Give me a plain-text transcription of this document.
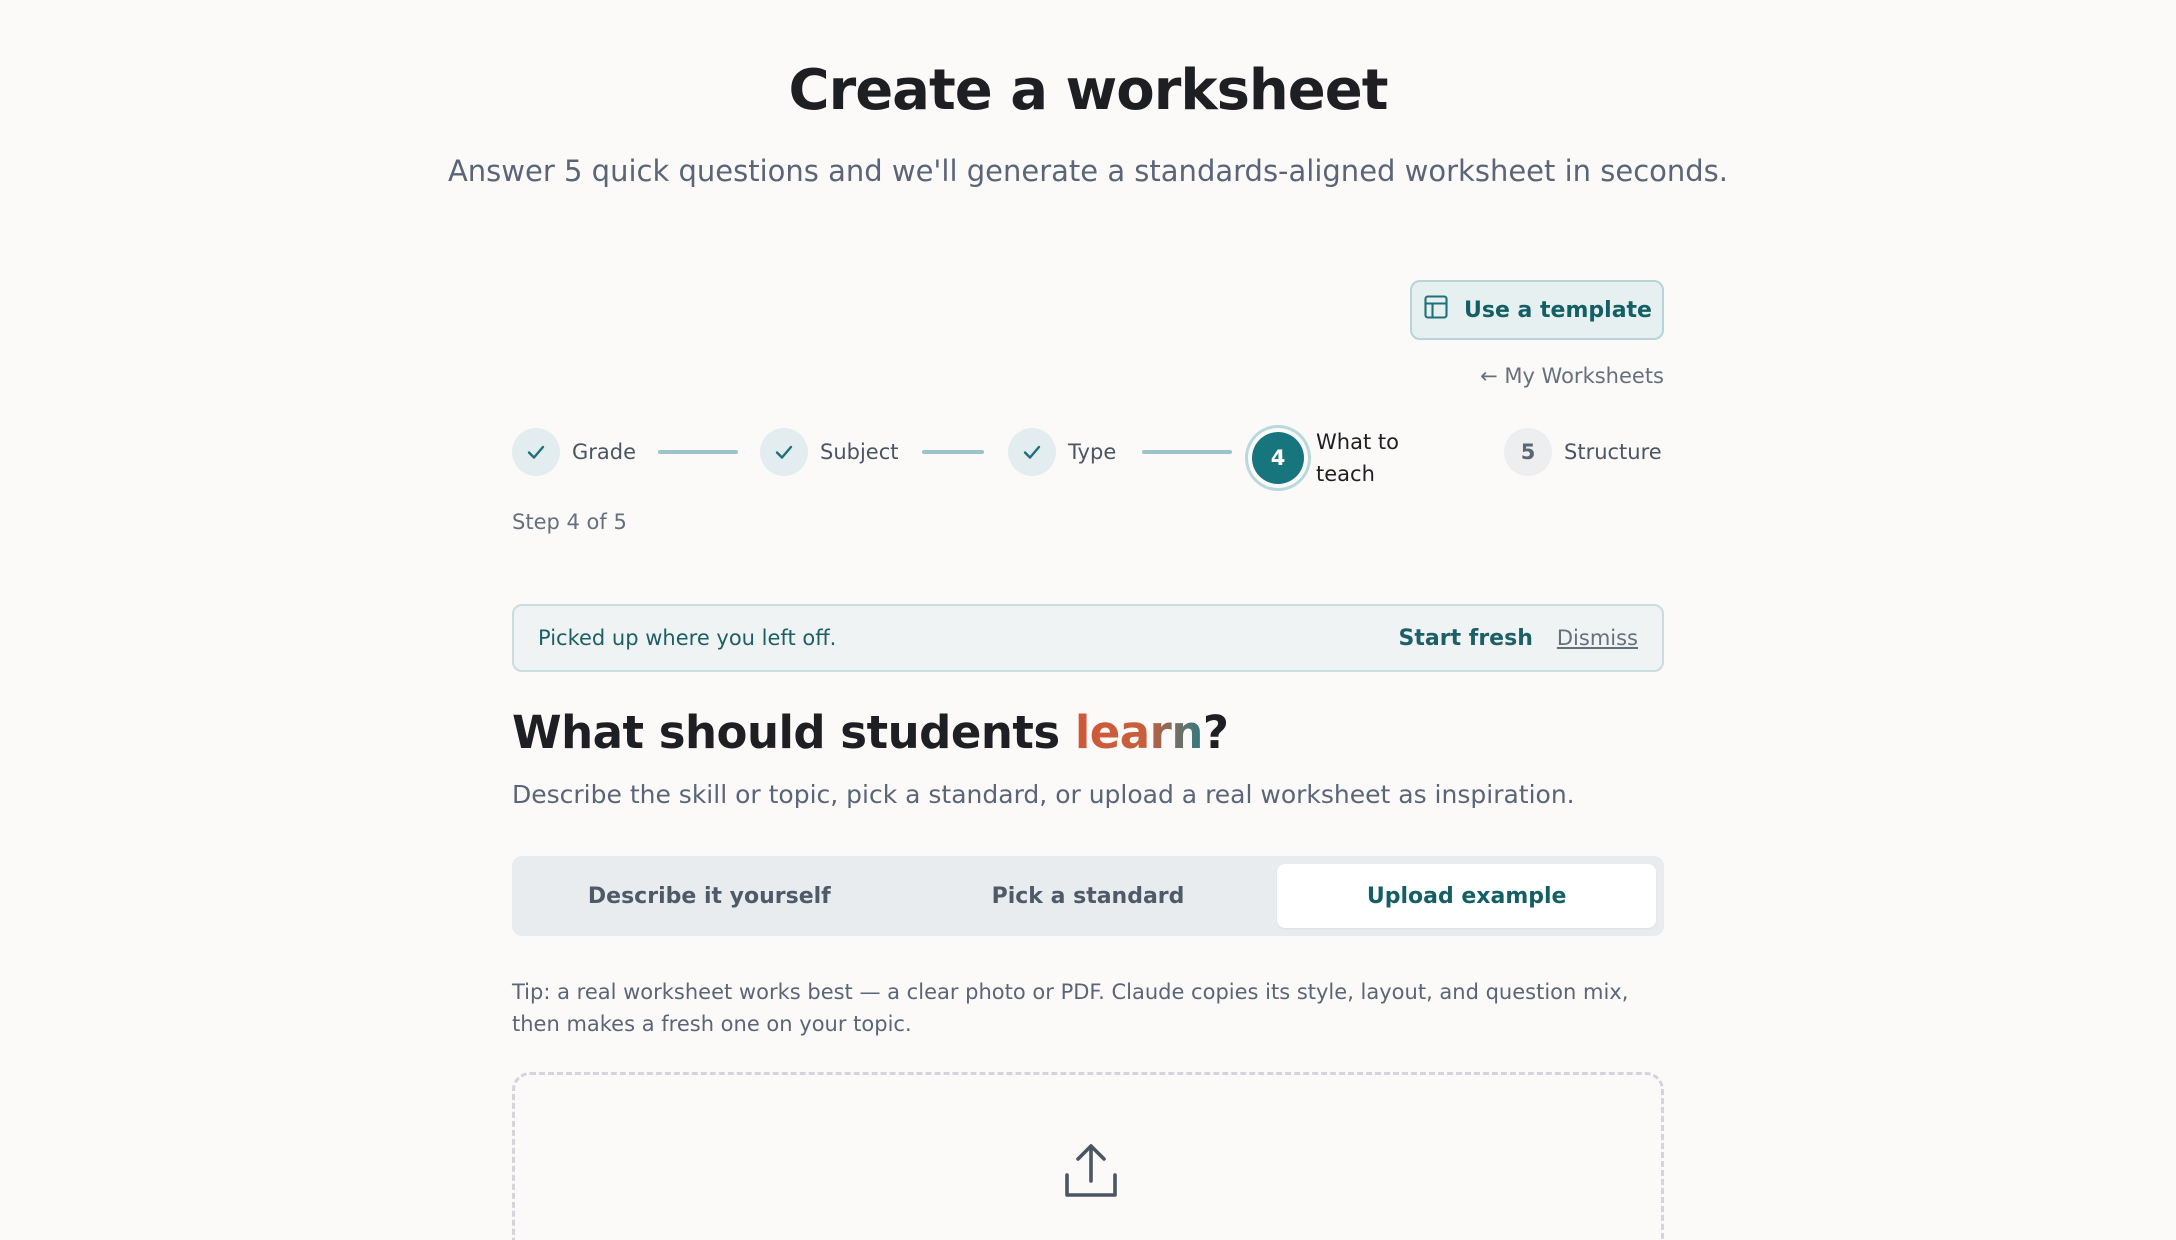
Create a worksheet

Answer 5 quick questions and we'll generate a standards-aligned worksheet in seconds.

Use a template
← My Worksheets
Grade	Subject	Type	4
What to
teach
5	Structure
Step 4 of 5
Picked up where you left off.	Start fresh Dismiss
What should students learn?

Describe the skill or topic, pick a standard, or upload a real worksheet as inspiration.

Describe it yourself	Pick a standard	Upload example

Tip: a real worksheet works best — a clear photo or PDF. Claude copies its style, layout, and question mix, then makes a fresh one on your topic.
